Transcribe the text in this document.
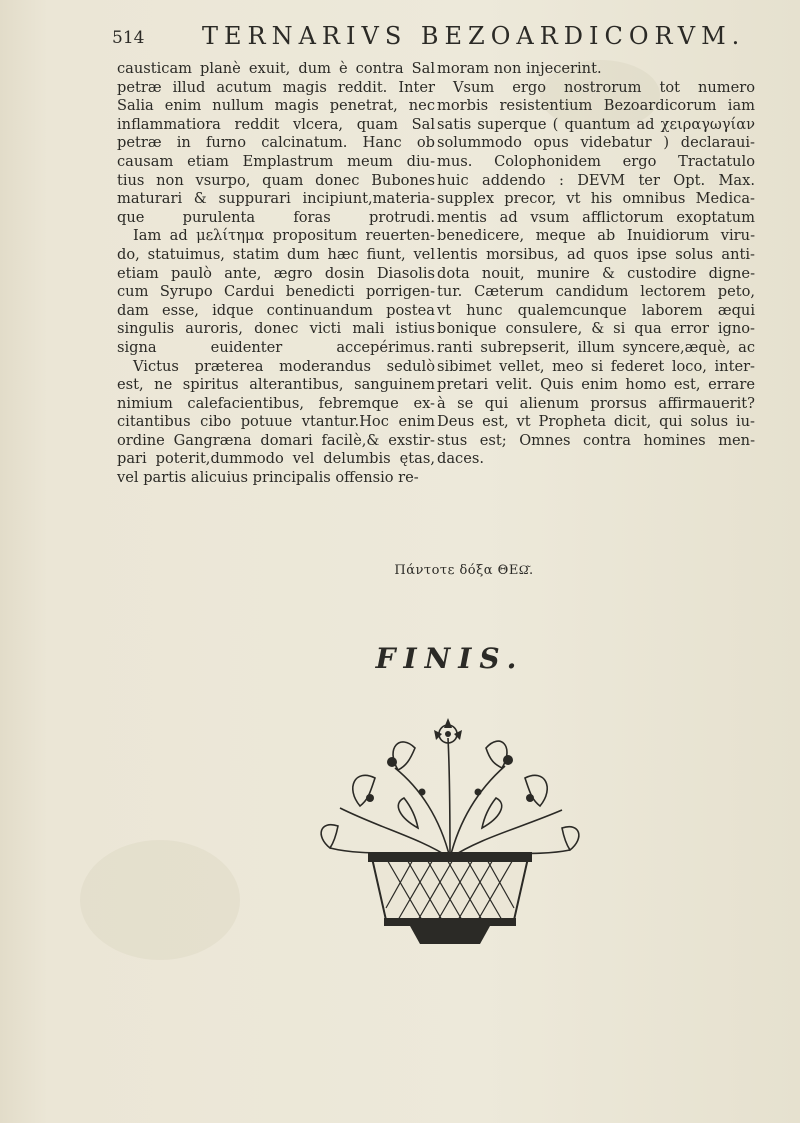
514 TERNARIVS BEZOARDICORVM.
causticam planè exuit, dum è contra Sal
petræ illud acutum magis reddit. Inter
Salia enim nullum magis penetrat, nec
inflammatiora reddit vlcera, quam Sal
petræ in furno calcinatum. Hanc ob
causam etiam Emplastrum meum diu-
tius non vsurpo, quam donec Bubones
maturari & suppurari incipiunt,materia-
que purulenta foras protrudi.
Iam ad μελίτημα propositum reuerten-
do, statuimus, statim dum hæc fiunt, vel
etiam paulò ante, ægro dosin Diasolis
cum Syrupo Cardui benedicti porrigen-
dam esse, idque continuandum postea
singulis auroris, donec victi mali istius
signa euidenter accepérimus.
Victus præterea moderandus sedulò
est, ne spiritus alterantibus, sanguinem
nimium calefacientibus, febremque ex-
citantibus cibo potuue vtantur.Hoc enim
ordine Gangræna domari facilè,& exstir-
pari poterit,dummodo vel delumbis ętas,
vel partis alicuius principalis offensio re-
moram non injecerint.
Vsum ergo nostrorum tot numero
morbis resistentium Bezoardicorum iam
satis superque ( quantum ad χειραγωγίαν
solummodo opus videbatur ) declaraui-
mus. Colophonidem ergo Tractatulo
huic addendo : DEVM ter Opt. Max.
supplex precor, vt his omnibus Medica-
mentis ad vsum afflictorum exoptatum
benedicere, meque ab Inuidiorum viru-
lentis morsibus, ad quos ipse solus anti-
dota nouit, munire & custodire digne-
tur. Cæterum candidum lectorem peto,
vt hunc qualemcunque laborem æqui
bonique consulere, & si qua error igno-
ranti subrepserit, illum syncere,æquè, ac
sibimet vellet, meo si federet loco, inter-
pretari velit. Quis enim homo est, errare
à se qui alienum prorsus affirmauerit?
Deus est, vt Propheta dicit, qui solus iu-
stus est; Omnes contra homines men-
daces.
Πάντοτε δόξα ΘΕΩ͂.
FINIS.
